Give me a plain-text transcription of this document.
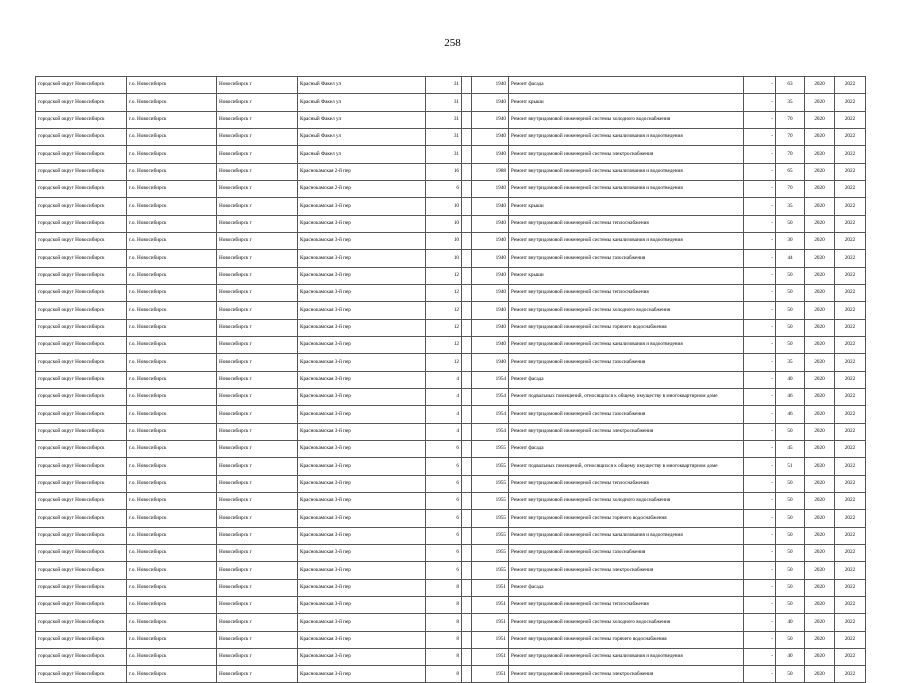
258
городской округ Новосибирск	г.о. Новосибирск	Новосибирск г	Красный Факел ул	31		1940	Ремонт фасада	-	63	2020	2022
городской округ Новосибирск	г.о. Новосибирск	Новосибирск г	Красный Факел ул	31		1940	Ремонт крыши	-	35	2020	2022
городской округ Новосибирск	г.о. Новосибирск	Новосибирск г	Красный Факел ул	31		1940	Ремонт внутридомовой инженерной системы холодного водоснабжения	-	70	2020	2022
городской округ Новосибирск	г.о. Новосибирск	Новосибирск г	Красный Факел ул	31		1940	Ремонт внутридомовой инженерной системы канализования и водоотведения	-	70	2020	2022
городской округ Новосибирск	г.о. Новосибирск	Новосибирск г	Красный Факел ул	31		1940	Ремонт внутридомовой инженерной системы электроснабжения	-	70	2020	2022
городской округ Новосибирск	г.о. Новосибирск	Новосибирск г	Краснокамская 2-й пер	16		1988	Ремонт внутридомовой инженерной системы канализования и водоотведения	-	65	2020	2022
городской округ Новосибирск	г.о. Новосибирск	Новосибирск г	Краснокамская 2-й пер	6		1940	Ремонт внутридомовой инженерной системы канализования и водоотведения	-	70	2020	2022
городской округ Новосибирск	г.о. Новосибирск	Новосибирск г	Краснокамская 3-й пер	10		1940	Ремонт крыши	-	35	2020	2022
городской округ Новосибирск	г.о. Новосибирск	Новосибирск г	Краснокамская 3-й пер	10		1940	Ремонт внутридомовой инженерной системы теплоснабжения	-	50	2020	2022
городской округ Новосибирск	г.о. Новосибирск	Новосибирск г	Краснокамская 3-й пер	10		1940	Ремонт внутридомовой инженерной системы канализования и водоотведения	-	30	2020	2022
городской округ Новосибирск	г.о. Новосибирск	Новосибирск г	Краснокамская 3-й пер	10		1940	Ремонт внутридомовой инженерной системы газоснабжения	-	44	2020	2022
городской округ Новосибирск	г.о. Новосибирск	Новосибирск г	Краснокамская 3-й пер	12		1940	Ремонт крыши	-	50	2020	2022
городской округ Новосибирск	г.о. Новосибирск	Новосибирск г	Краснокамская 3-й пер	12		1940	Ремонт внутридомовой инженерной системы теплоснабжения	-	50	2020	2022
городской округ Новосибирск	г.о. Новосибирск	Новосибирск г	Краснокамская 3-й пер	12		1940	Ремонт внутридомовой инженерной системы холодного водоснабжения	-	50	2020	2022
городской округ Новосибирск	г.о. Новосибирск	Новосибирск г	Краснокамская 3-й пер	12		1940	Ремонт внутридомовой инженерной системы горячего водоснабжения	-	50	2020	2022
городской округ Новосибирск	г.о. Новосибирск	Новосибирск г	Краснокамская 3-й пер	12		1940	Ремонт внутридомовой инженерной системы канализования и водоотведения	-	50	2020	2022
городской округ Новосибирск	г.о. Новосибирск	Новосибирск г	Краснокамская 3-й пер	12		1940	Ремонт внутридомовой инженерной системы газоснабжения	-	35	2020	2022
городской округ Новосибирск	г.о. Новосибирск	Новосибирск г	Краснокамская 3-й пер	4		1954	Ремонт фасада	-	40	2020	2022
городской округ Новосибирск	г.о. Новосибирск	Новосибирск г	Краснокамская 3-й пер	4		1954	Ремонт подвальных помещений, относящихся к общему имуществу в многоквартирном доме	-	46	2020	2022
городской округ Новосибирск	г.о. Новосибирск	Новосибирск г	Краснокамская 3-й пер	4		1954	Ремонт внутридомовой инженерной системы газоснабжения	-	46	2020	2022
городской округ Новосибирск	г.о. Новосибирск	Новосибирск г	Краснокамская 3-й пер	4		1954	Ремонт внутридомовой инженерной системы электроснабжения	-	50	2020	2022
городской округ Новосибирск	г.о. Новосибирск	Новосибирск г	Краснокамская 3-й пер	6		1955	Ремонт фасада	-	45	2020	2022
городской округ Новосибирск	г.о. Новосибирск	Новосибирск г	Краснокамская 3-й пер	6		1955	Ремонт подвальных помещений, относящихся к общему имуществу в многоквартирном доме	-	51	2020	2022
городской округ Новосибирск	г.о. Новосибирск	Новосибирск г	Краснокамская 3-й пер	6		1955	Ремонт внутридомовой инженерной системы теплоснабжения	-	50	2020	2022
городской округ Новосибирск	г.о. Новосибирск	Новосибирск г	Краснокамская 3-й пер	6		1955	Ремонт внутридомовой инженерной системы холодного водоснабжения	-	50	2020	2022
городской округ Новосибирск	г.о. Новосибирск	Новосибирск г	Краснокамская 3-й пер	6		1955	Ремонт внутридомовой инженерной системы горячего водоснабжения	-	50	2020	2022
городской округ Новосибирск	г.о. Новосибирск	Новосибирск г	Краснокамская 3-й пер	6		1955	Ремонт внутридомовой инженерной системы канализования и водоотведения	-	50	2020	2022
городской округ Новосибирск	г.о. Новосибирск	Новосибирск г	Краснокамская 3-й пер	6		1955	Ремонт внутридомовой инженерной системы газоснабжения	-	50	2020	2022
городской округ Новосибирск	г.о. Новосибирск	Новосибирск г	Краснокамская 3-й пер	6		1955	Ремонт внутридомовой инженерной системы электроснабжения	-	50	2020	2022
городской округ Новосибирск	г.о. Новосибирск	Новосибирск г	Краснокамская 3-й пер	8		1951	Ремонт фасада	-	50	2020	2022
городской округ Новосибирск	г.о. Новосибирск	Новосибирск г	Краснокамская 3-й пер	8		1951	Ремонт внутридомовой инженерной системы теплоснабжения	-	50	2020	2022
городской округ Новосибирск	г.о. Новосибирск	Новосибирск г	Краснокамская 3-й пер	8		1951	Ремонт внутридомовой инженерной системы холодного водоснабжения	-	40	2020	2022
городской округ Новосибирск	г.о. Новосибирск	Новосибирск г	Краснокамская 3-й пер	8		1951	Ремонт внутридомовой инженерной системы горячего водоснабжения	-	50	2020	2022
городской округ Новосибирск	г.о. Новосибирск	Новосибирск г	Краснокамская 3-й пер	8		1951	Ремонт внутридомовой инженерной системы канализования и водоотведения	-	40	2020	2022
городской округ Новосибирск	г.о. Новосибирск	Новосибирск г	Краснокамская 3-й пер	8		1951	Ремонт внутридомовой инженерной системы электроснабжения	-	50	2020	2022
